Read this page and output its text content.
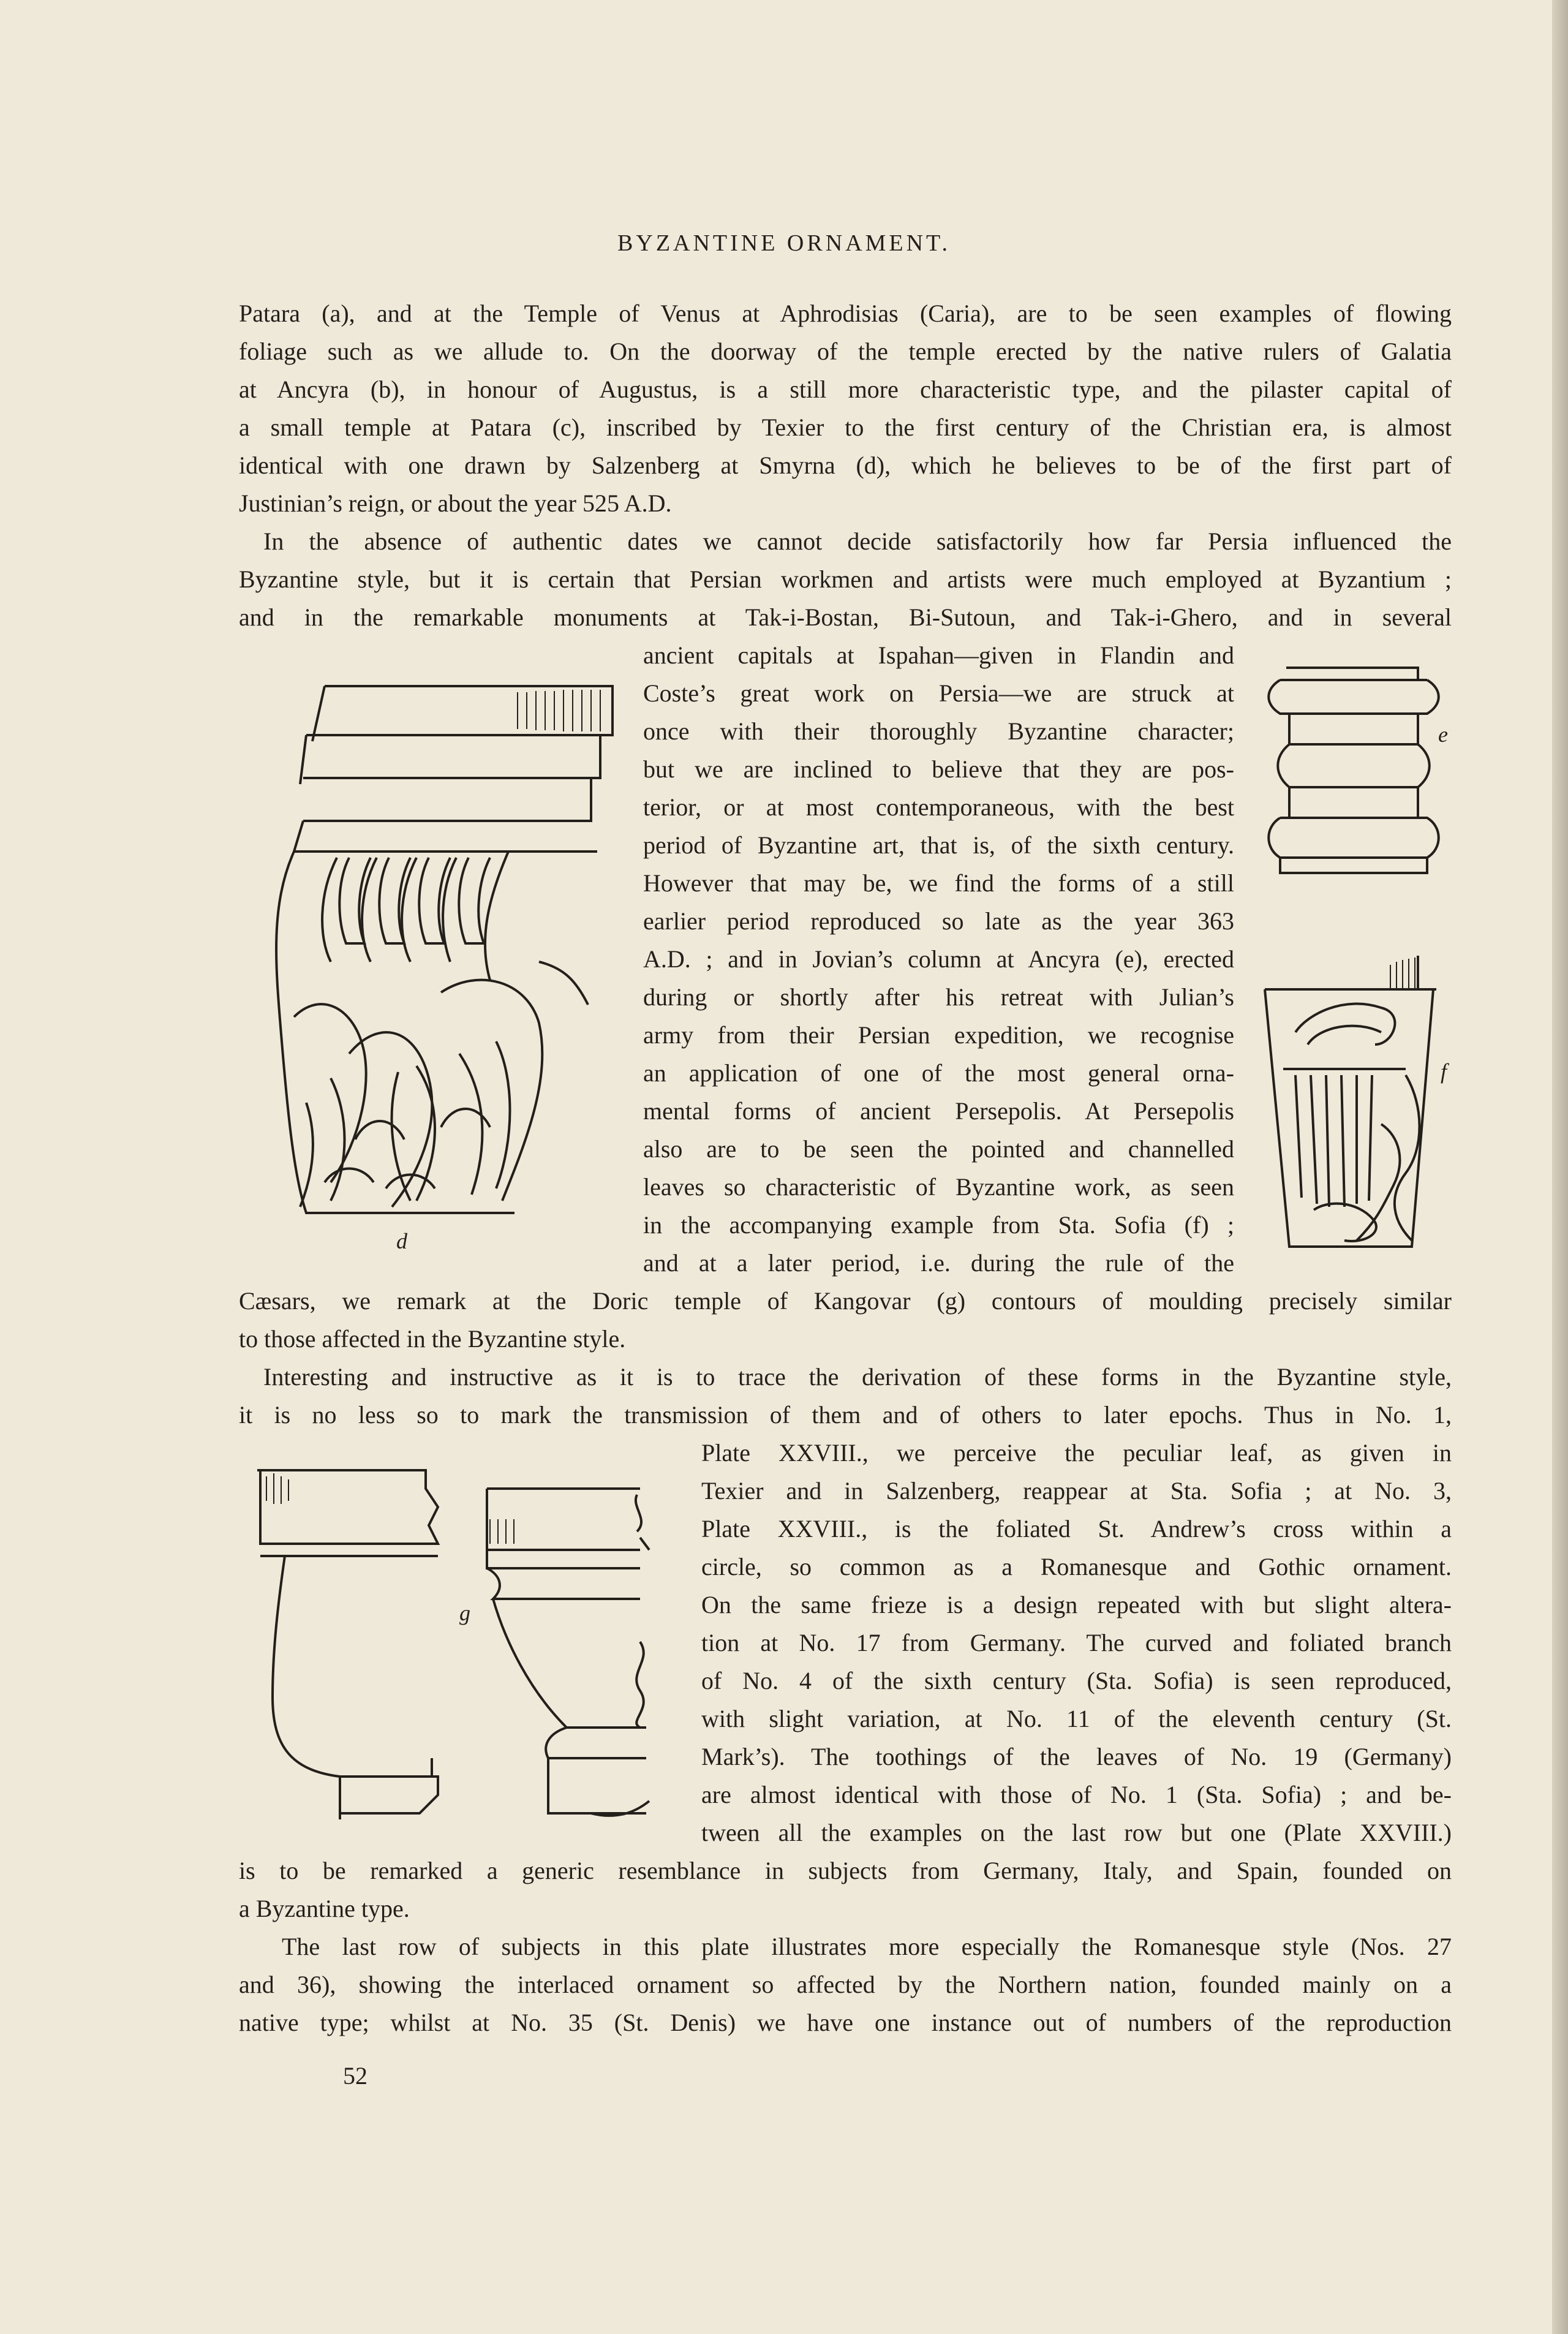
BYZANTINE ORNAMENT.
Patara (a), and at the Temple of Venus at Aphrodisias (Caria), are to be seen examples of flowing
foliage such as we allude to. On the doorway of the temple erected by the native rulers of Galatia
at Ancyra (b), in honour of Augustus, is a still more characteristic type, and the pilaster capital of
a small temple at Patara (c), inscribed by Texier to the first century of the Christian era, is almost
identical with one drawn by Salzenberg at Smyrna (d), which he believes to be of the first part of
Justinian’s reign, or about the year 525 A.D.
In the absence of authentic dates we cannot decide satisfactorily how far Persia influenced the
Byzantine style, but it is certain that Persian workmen and artists were much employed at Byzantium ;
and in the remarkable monuments at Tak-i-Bostan, Bi-Sutoun, and Tak-i-Ghero, and in several
ancient capitals at Ispahan—given in Flandin and
Coste’s great work on Persia—we are struck at
once with their thoroughly Byzantine character;
but we are inclined to believe that they are pos-
terior, or at most contemporaneous, with the best
period of Byzantine art, that is, of the sixth century.
However that may be, we find the forms of a still
earlier period reproduced so late as the year 363
A.D. ; and in Jovian’s column at Ancyra (e), erected
during or shortly after his retreat with Julian’s
army from their Persian expedition, we recognise
an application of one of the most general orna-
mental forms of ancient Persepolis. At Persepolis
also are to be seen the pointed and channelled
leaves so characteristic of Byzantine work, as seen
in the accompanying example from Sta. Sofia (f) ;
and at a later period, i.e. during the rule of the
Cæsars, we remark at the Doric temple of Kangovar (g) contours of moulding precisely similar
to those affected in the Byzantine style.
Interesting and instructive as it is to trace the derivation of these forms in the Byzantine style,
it is no less so to mark the transmission of them and of others to later epochs. Thus in No. 1,
Plate XXVIII., we perceive the peculiar leaf, as given in
Texier and in Salzenberg, reappear at Sta. Sofia ; at No. 3,
Plate XXVIII., is the foliated St. Andrew’s cross within a
circle, so common as a Romanesque and Gothic ornament.
On the same frieze is a design repeated with but slight altera-
tion at No. 17 from Germany. The curved and foliated branch
of No. 4 of the sixth century (Sta. Sofia) is seen reproduced,
with slight variation, at No. 11 of the eleventh century (St.
Mark’s). The toothings of the leaves of No. 19 (Germany)
are almost identical with those of No. 1 (Sta. Sofia) ; and be-
tween all the examples on the last row but one (Plate XXVIII.)
is to be remarked a generic resemblance in subjects from Germany, Italy, and Spain, founded on
a Byzantine type.
The last row of subjects in this plate illustrates more especially the Romanesque style (Nos. 27
and 36), showing the interlaced ornament so affected by the Northern nation, founded mainly on a
native type; whilst at No. 35 (St. Denis) we have one instance out of numbers of the reproduction
52
d
e
f
g
